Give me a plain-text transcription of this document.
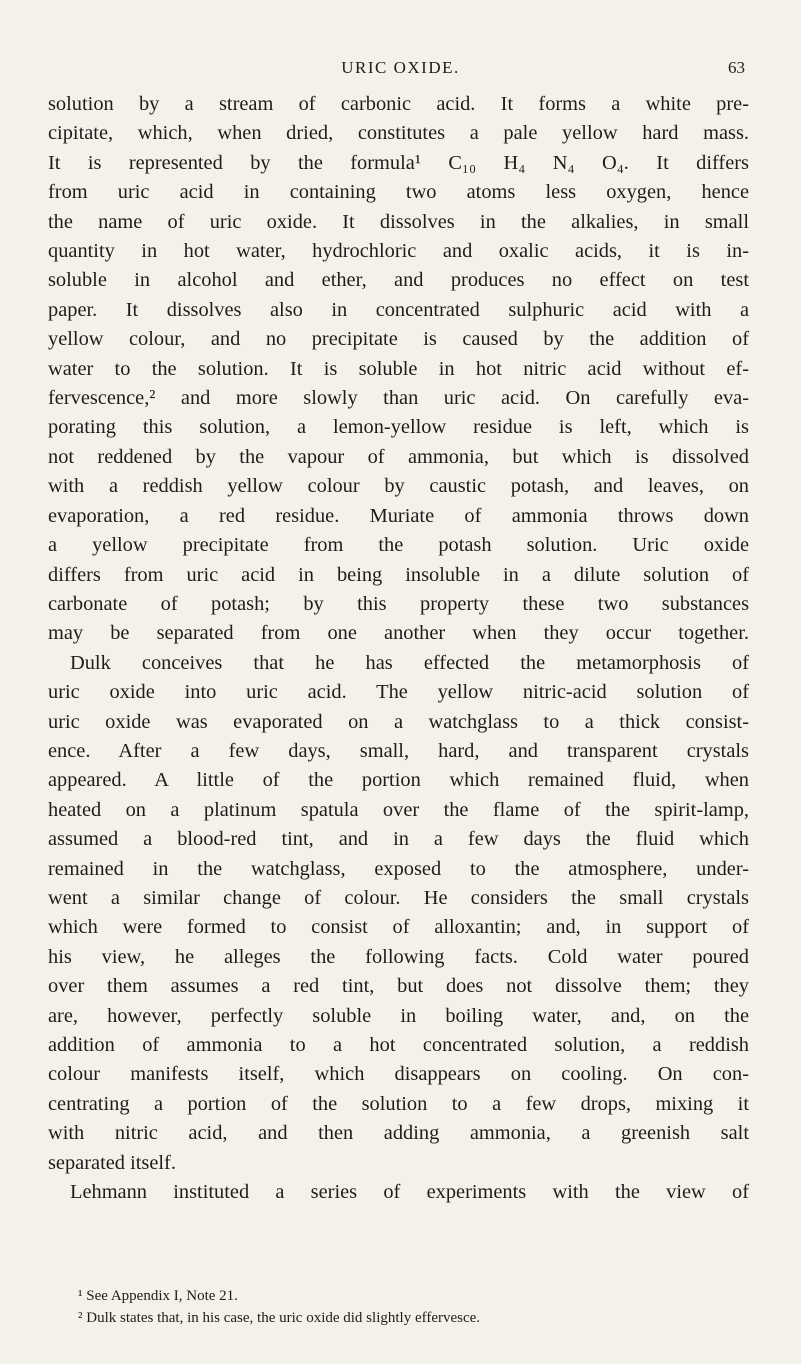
URIC OXIDE.	63
solution by a stream of carbonic acid. It forms a white pre-
cipitate, which, when dried, constitutes a pale yellow hard mass.
It is represented by the formula¹ C₁₀ H₄ N₄ O₄. It differs
from uric acid in containing two atoms less oxygen, hence
the name of uric oxide. It dissolves in the alkalies, in small
quantity in hot water, hydrochloric and oxalic acids, it is in-
soluble in alcohol and ether, and produces no effect on test
paper. It dissolves also in concentrated sulphuric acid with a
yellow colour, and no precipitate is caused by the addition of
water to the solution. It is soluble in hot nitric acid without ef-
fervescence,² and more slowly than uric acid. On carefully eva-
porating this solution, a lemon-yellow residue is left, which is
not reddened by the vapour of ammonia, but which is dissolved
with a reddish yellow colour by caustic potash, and leaves, on
evaporation, a red residue. Muriate of ammonia throws down
a yellow precipitate from the potash solution. Uric oxide
differs from uric acid in being insoluble in a dilute solution of
carbonate of potash; by this property these two substances
may be separated from one another when they occur together.
Dulk conceives that he has effected the metamorphosis of
uric oxide into uric acid. The yellow nitric-acid solution of
uric oxide was evaporated on a watchglass to a thick consist-
ence. After a few days, small, hard, and transparent crystals
appeared. A little of the portion which remained fluid, when
heated on a platinum spatula over the flame of the spirit-lamp,
assumed a blood-red tint, and in a few days the fluid which
remained in the watchglass, exposed to the atmosphere, under-
went a similar change of colour. He considers the small crystals
which were formed to consist of alloxantin; and, in support of
his view, he alleges the following facts. Cold water poured
over them assumes a red tint, but does not dissolve them; they
are, however, perfectly soluble in boiling water, and, on the
addition of ammonia to a hot concentrated solution, a reddish
colour manifests itself, which disappears on cooling. On con-
centrating a portion of the solution to a few drops, mixing it
with nitric acid, and then adding ammonia, a greenish salt
separated itself.
Lehmann instituted a series of experiments with the view of
¹ See Appendix I, Note 21.
² Dulk states that, in his case, the uric oxide did slightly effervesce.
